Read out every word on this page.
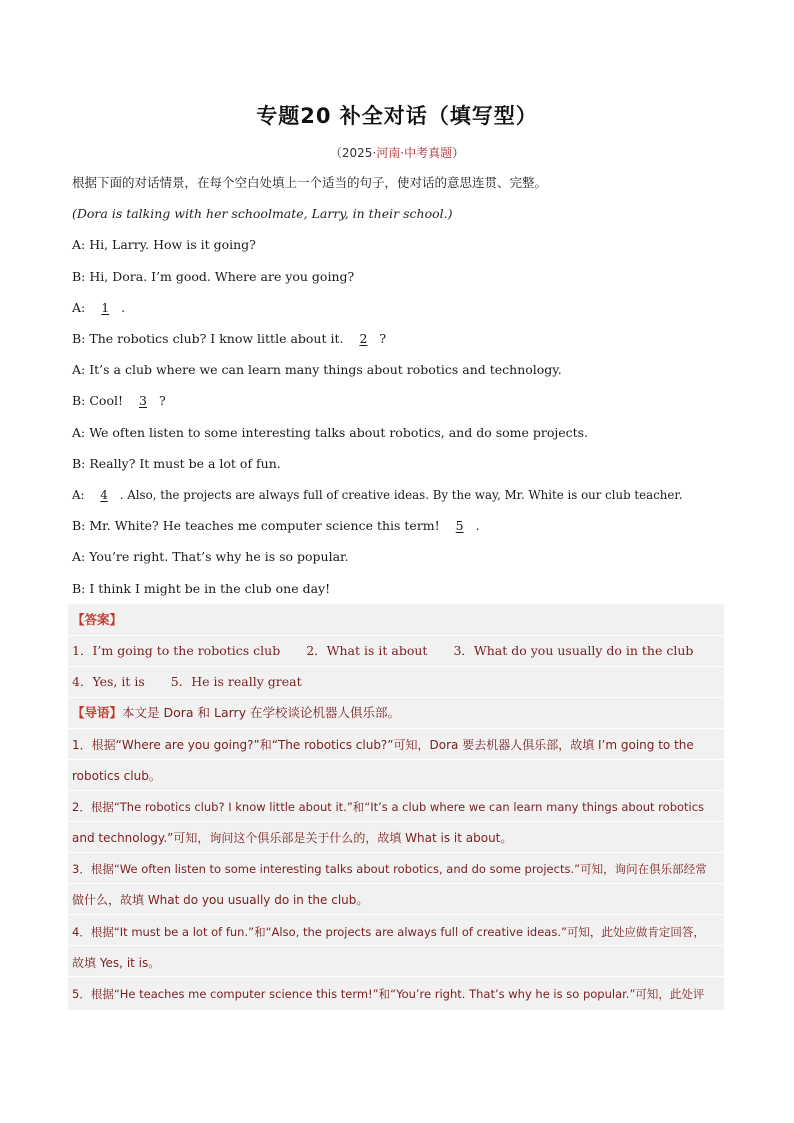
专题20 补全对话（填写型）
（2025·河南·中考真题）
根据下面的对话情景，在每个空白处填上一个适当的句子，使对话的意思连贯、完整。
(Dora is talking with her schoolmate, Larry, in their school.)
A: Hi, Larry. How is it going?
B: Hi, Dora. I’m good. Where are you going?
A: 1 .
B: The robotics club? I know little about it. 2 ?
A: It’s a club where we can learn many things about robotics and technology.
B: Cool! 3 ?
A: We often listen to some interesting talks about robotics, and do some projects.
B: Really? It must be a lot of fun.
A: 4 . Also, the projects are always full of creative ideas. By the way, Mr. White is our club teacher.
B: Mr. White? He teaches me computer science this term! 5 .
A: You’re right. That’s why he is so popular.
B: I think I might be in the club one day!
【答案】
1．I’m going to the robotics club 2．What is it about 3．What do you usually do in the club
4．Yes, it is 5．He is really great
【导语】本文是 Dora 和 Larry 在学校谈论机器人俱乐部。
1．根据“Where are you going?”和“The robotics club?”可知，Dora 要去机器人俱乐部，故填 I’m going to the
robotics club。
2．根据“The robotics club? I know little about it.”和“It’s a club where we can learn many things about robotics
and technology.”可知，询问这个俱乐部是关于什么的，故填 What is it about。
3．根据“We often listen to some interesting talks about robotics, and do some projects.”可知，询问在俱乐部经常
做什么，故填 What do you usually do in the club。
4．根据“It must be a lot of fun.”和“Also, the projects are always full of creative ideas.”可知，此处应做肯定回答，
故填 Yes, it is。
5．根据“He teaches me computer science this term!”和“You’re right. That’s why he is so popular.”可知，此处评
